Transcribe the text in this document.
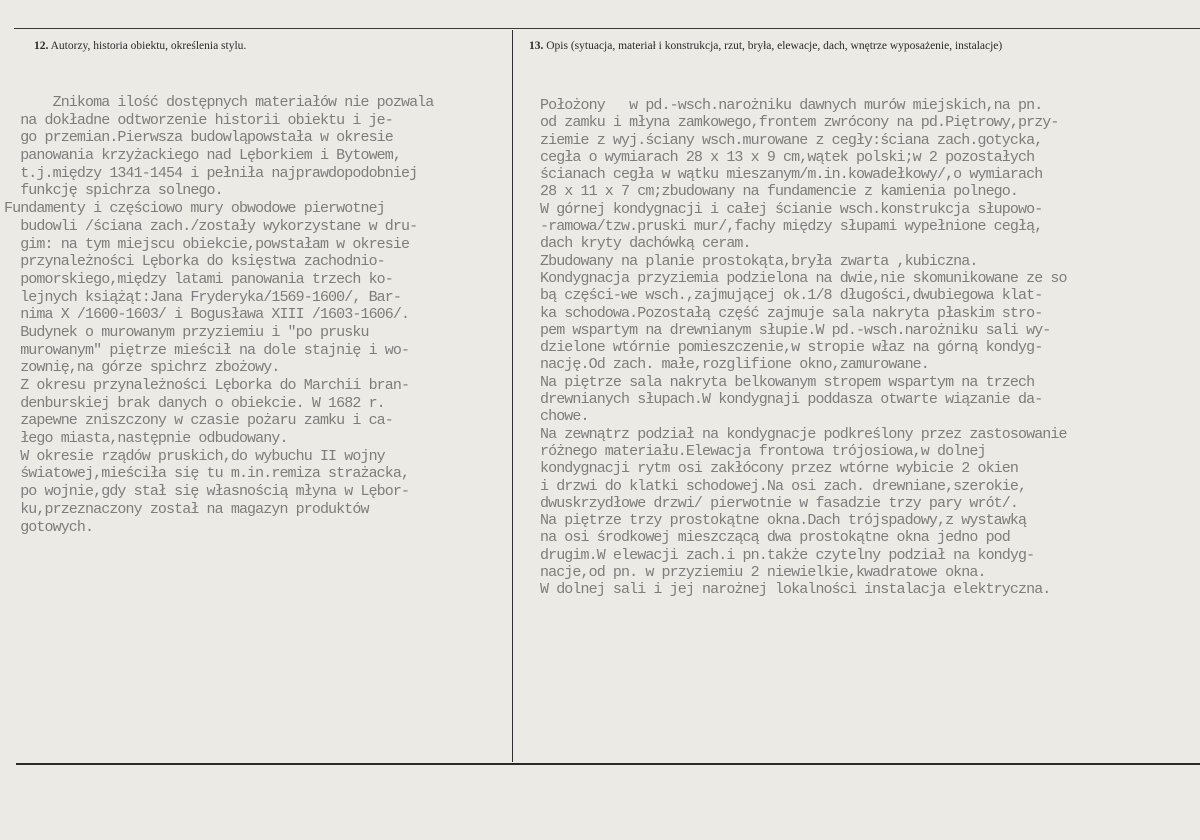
12. Autorzy, historia obiektu, określenia stylu.	13. Opis (sytuacja, materiał i konstrukcja, rzut, bryła, elewacje, dach, wnętrze wyposażenie, instalacje)
Znikoma ilość dostępnych materiałów nie pozwala
na dokładne odtworzenie historii obiektu i je-
go przemian.Pierwsza budowląpowstała w okresie
panowania krzyżackiego nad Lęborkiem i Bytowem,
t.j.między 1341-1454 i pełniła najprawdopodobniej
funkcję spichrza solnego.
Fundamenty i częściowo mury obwodowe pierwotnej
budowli /ściana zach./zostały wykorzystane w dru-
gim: na tym miejscu obiekcie,powstałam w okresie
przynależności Lęborka do księstwa zachodnio-
pomorskiego,między latami panowania trzech ko-
lejnych książąt:Jana Fryderyka/1569-1600/, Bar-
nima X /1600-1603/ i Bogusława XIII /1603-1606/.
Budynek o murowanym przyziemiu i "po prusku
murowanym" piętrze mieścił na dole stajnię i wo-
zownię,na górze spichrz zbożowy.
Z okresu przynależności Lęborka do Marchii bran-
denburskiej brak danych o obiekcie. W 1682 r.
zapewne zniszczony w czasie pożaru zamku i ca-
łego miasta,następnie odbudowany.
W okresie rządów pruskich,do wybuchu II wojny
światowej,mieściła się tu m.in.remiza strażacka,
po wojnie,gdy stał się własnością młyna w Lębor-
ku,przeznaczony został na magazyn produktów
gotowych.
Położony   w pd.-wsch.narożniku dawnych murów miejskich,na pn.
od zamku i młyna zamkowego,frontem zwrócony na pd.Piętrowy,przy-
ziemie z wyj.ściany wsch.murowane z cegły:ściana zach.gotycka,
cegła o wymiarach 28 x 13 x 9 cm,wątek polski;w 2 pozostałych
ścianach cegła w wątku mieszanym/m.in.kowadełkowy/,o wymiarach
28 x 11 x 7 cm;zbudowany na fundamencie z kamienia polnego.
W górnej kondygnacji i całej ścianie wsch.konstrukcja słupowo-
-ramowa/tzw.pruski mur/,fachy między słupami wypełnione cegłą,
dach kryty dachówką ceram.
Zbudowany na planie prostokąta,bryła zwarta ,kubiczna.
Kondygnacja przyziemia podzielona na dwie,nie skomunikowane ze so
bą części-we wsch.,zajmującej ok.1/8 długości,dwubiegowa klat-
ka schodowa.Pozostałą część zajmuje sala nakryta płaskim stro-
pem wspartym na drewnianym słupie.W pd.-wsch.narożniku sali wy-
dzielone wtórnie pomieszczenie,w stropie właz na górną kondyg-
nację.Od zach. małe,rozglifione okno,zamurowane.
Na piętrze sala nakryta belkowanym stropem wspartym na trzech
drewnianych słupach.W kondygnaji poddasza otwarte wiązanie da-
chowe.
Na zewnątrz podział na kondygnacje podkreślony przez zastosowanie
różnego materiału.Elewacja frontowa trójosiowa,w dolnej
kondygnacji rytm osi zakłócony przez wtórne wybicie 2 okien
i drzwi do klatki schodowej.Na osi zach. drewniane,szerokie,
dwuskrzydłowe drzwi/ pierwotnie w fasadzie trzy pary wrót/.
Na piętrze trzy prostokątne okna.Dach trójspadowy,z wystawką
na osi środkowej mieszczącą dwa prostokątne okna jedno pod
drugim.W elewacji zach.i pn.także czytelny podział na kondyg-
nacje,od pn. w przyziemiu 2 niewielkie,kwadratowe okna.
W dolnej sali i jej narożnej lokalności instalacja elektryczna.
